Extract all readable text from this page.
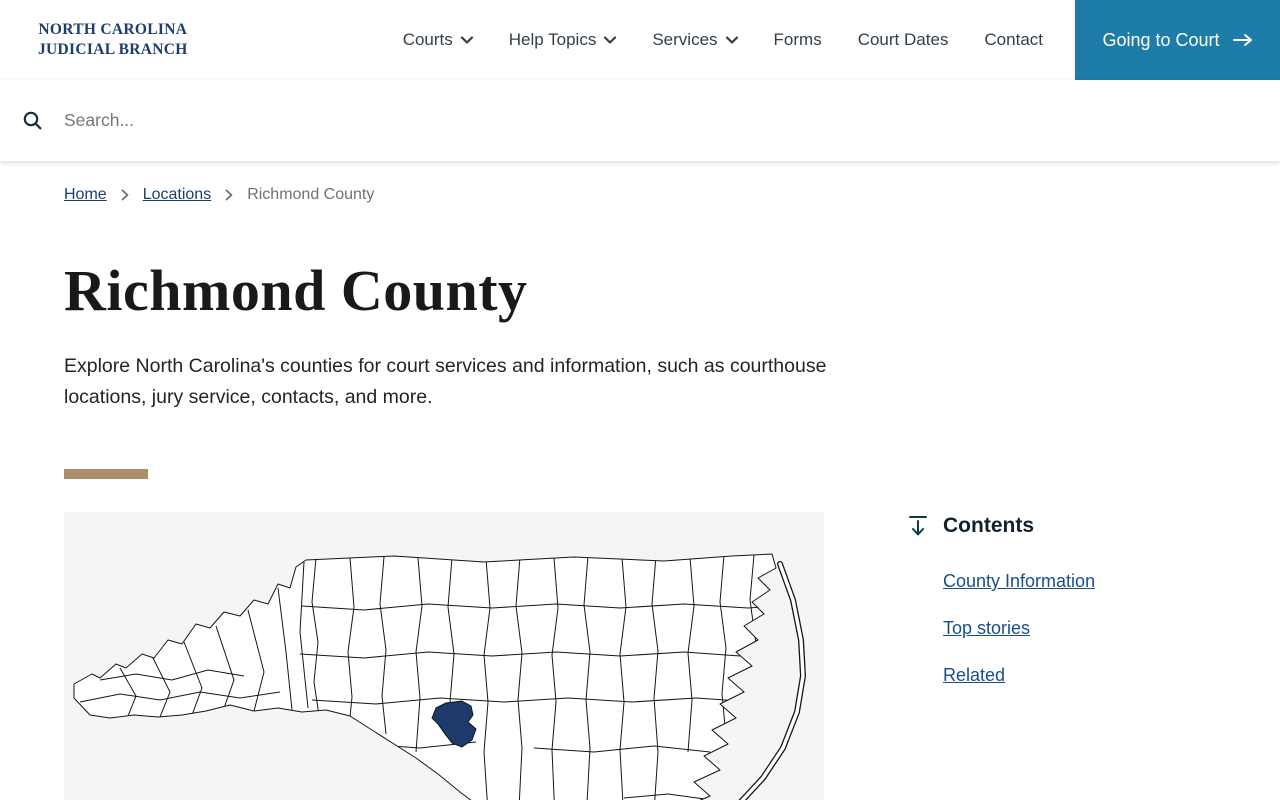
NORTH CAROLINA
JUDICIAL BRANCH
Courts	Help Topics	Services	Forms Court Dates Contact	Going to Court
Search...
Home Locations Richmond County
Richmond County

Explore North Carolina's counties for court services and information, such as courthouse locations, jury service, contacts, and more.

Contents
County Information
Top stories
Related
